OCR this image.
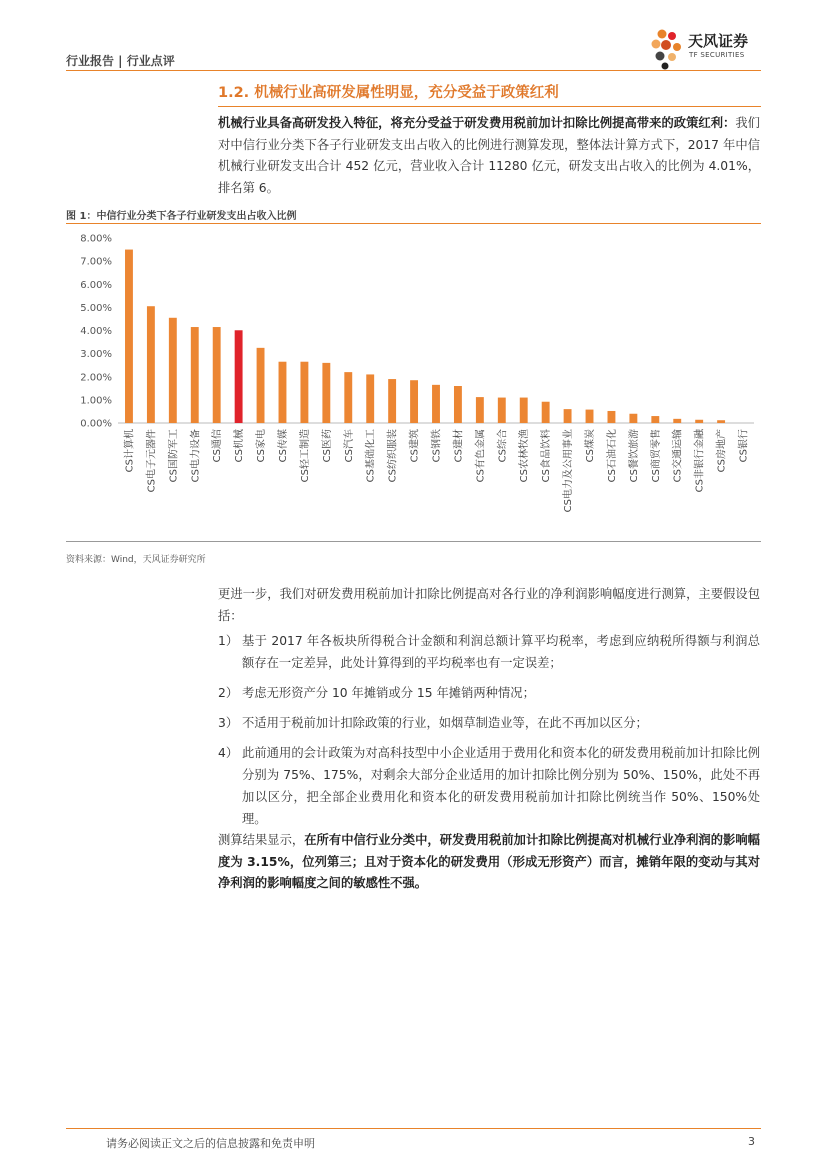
行业报告 | 行业点评
天风证券
TF SECURITIES
1.2. 机械行业高研发属性明显，充分受益于政策红利
机械行业具备高研发投入特征，将充分受益于研发费用税前加计扣除比例提高带来的政策红利：我们对中信行业分类下各子行业研发支出占收入的比例进行测算发现，整体法计算方式下，2017 年中信机械行业研发支出合计 452 亿元，营业收入合计 11280 亿元，研发支出占收入的比例为 4.01%，排名第 6。
图 1：中信行业分类下各子行业研发支出占收入比例
0.00%
1.00%
2.00%
3.00%
4.00%
5.00%
6.00%
7.00%
8.00%
CS计算机 CS电子元器件 CS国防军工 CS电力设备 CS通信 CS机械 CS家电 CS传媒 CS轻工制造 CS医药 CS汽车 CS基础化工 CS纺织服装 CS建筑 CS钢铁 CS建材 CS有色金属 CS综合 CS农林牧渔 CS食品饮料 CS电力及公用事业 CS煤炭 CS石油石化 CS餐饮旅游 CS商贸零售 CS交通运输 CS非银行金融 CS房地产 CS银行
资料来源：Wind，天风证券研究所
更进一步，我们对研发费用税前加计扣除比例提高对各行业的净利润影响幅度进行测算，主要假设包括：
1） 基于 2017 年各板块所得税合计金额和利润总额计算平均税率，考虑到应纳税所得额与利润总额存在一定差异，此处计算得到的平均税率也有一定误差；
2） 考虑无形资产分 10 年摊销或分 15 年摊销两种情况；
3） 不适用于税前加计扣除政策的行业，如烟草制造业等，在此不再加以区分；
4） 此前通用的会计政策为对高科技型中小企业适用于费用化和资本化的研发费用税前加计扣除比例分别为 75%、175%，对剩余大部分企业适用的加计扣除比例分别为 50%、150%，此处不再加以区分，把全部企业费用化和资本化的研发费用税前加计扣除比例统当作 50%、150%处理。
测算结果显示，在所有中信行业分类中，研发费用税前加计扣除比例提高对机械行业净利润的影响幅度为 3.15%，位列第三；且对于资本化的研发费用（形成无形资产）而言，摊销年限的变动与其对净利润的影响幅度之间的敏感性不强。
请务必阅读正文之后的信息披露和免责申明	3
